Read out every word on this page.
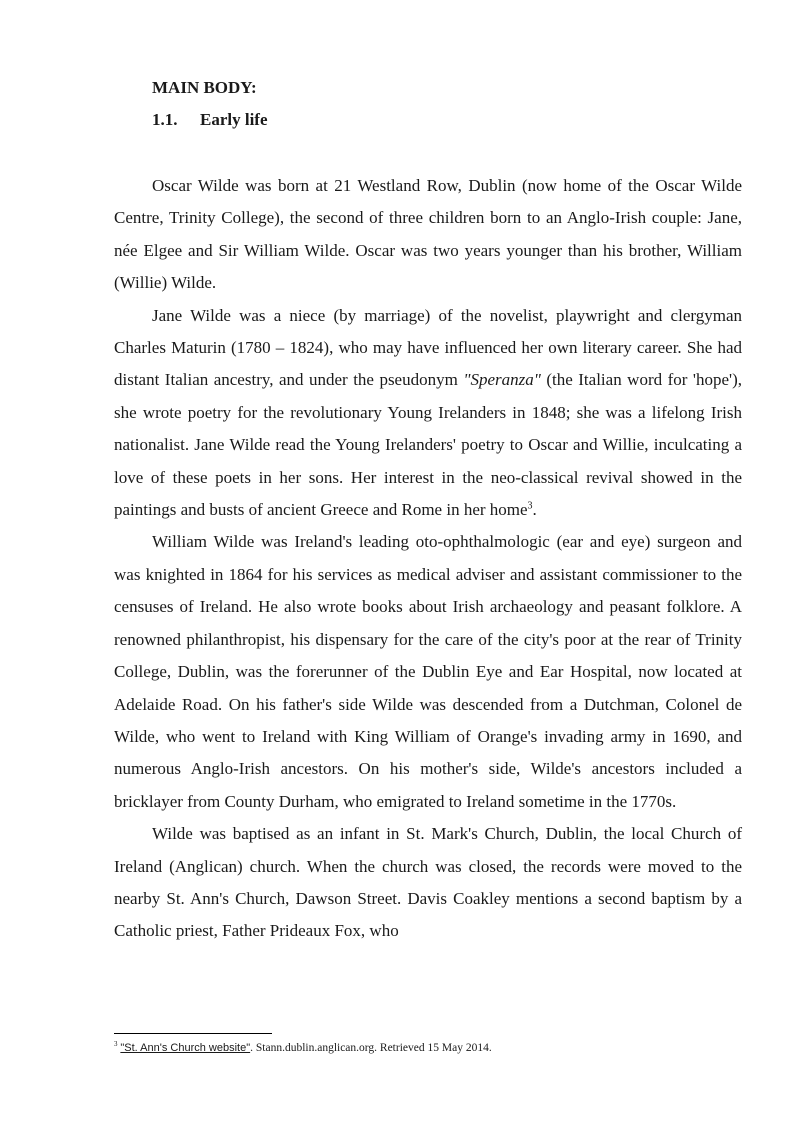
MAIN BODY:
1.1. Early life

Oscar Wilde was born at 21 Westland Row, Dublin (now home of the Oscar Wilde Centre, Trinity College), the second of three children born to an Anglo-Irish couple: Jane, née Elgee and Sir William Wilde. Oscar was two years younger than his brother, William (Willie) Wilde.

Jane Wilde was a niece (by marriage) of the novelist, playwright and clergyman Charles Maturin (1780 – 1824), who may have influenced her own literary career. She had distant Italian ancestry, and under the pseudonym "Speranza" (the Italian word for 'hope'), she wrote poetry for the revolutionary Young Irelanders in 1848; she was a lifelong Irish nationalist. Jane Wilde read the Young Irelanders' poetry to Oscar and Willie, inculcating a love of these poets in her sons. Her interest in the neo-classical revival showed in the paintings and busts of ancient Greece and Rome in her home$^3$.

William Wilde was Ireland's leading oto-ophthalmologic (ear and eye) surgeon and was knighted in 1864 for his services as medical adviser and assistant commissioner to the censuses of Ireland. He also wrote books about Irish archaeology and peasant folklore. A renowned philanthropist, his dispensary for the care of the city's poor at the rear of Trinity College, Dublin, was the forerunner of the Dublin Eye and Ear Hospital, now located at Adelaide Road. On his father's side Wilde was descended from a Dutchman, Colonel de Wilde, who went to Ireland with King William of Orange's invading army in 1690, and numerous Anglo-Irish ancestors. On his mother's side, Wilde's ancestors included a bricklayer from County Durham, who emigrated to Ireland sometime in the 1770s.

Wilde was baptised as an infant in St. Mark's Church, Dublin, the local Church of Ireland (Anglican) church. When the church was closed, the records were moved to the nearby St. Ann's Church, Dawson Street. Davis Coakley mentions a second baptism by a Catholic priest, Father Prideaux Fox, who

$^3$ "St. Ann's Church website". Stann.dublin.anglican.org. Retrieved 15 May 2014.
